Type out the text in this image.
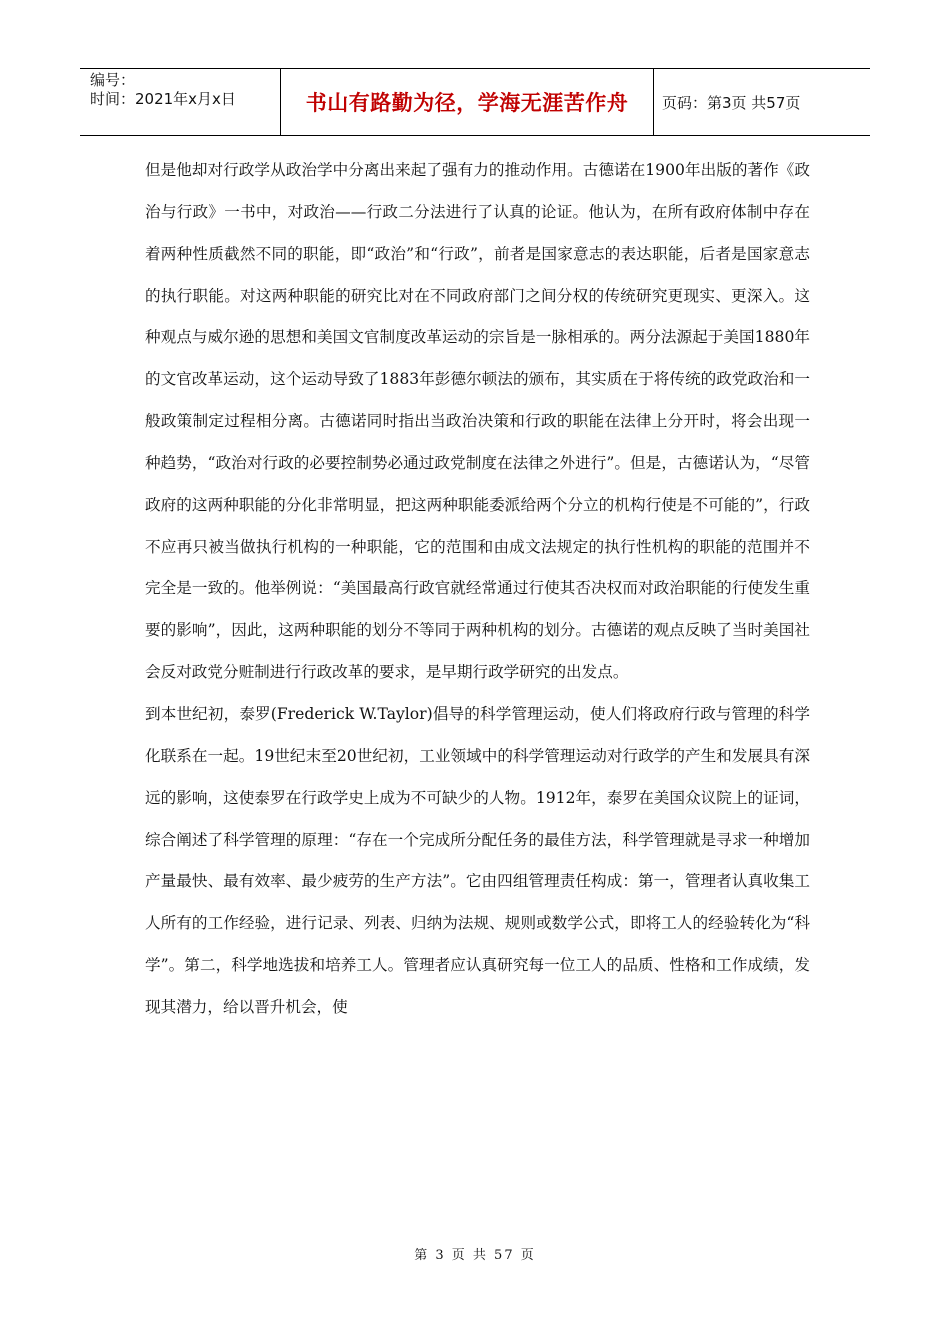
编号：
时间：2021年x月x日	书山有路勤为径，学海无涯苦作舟	页码：第3页 共57页

但是他却对行政学从政治学中分离出来起了强有力的推动作用。古德诺在1900年出版的著作《政治与行政》一书中，对政治——行政二分法进行了认真的论证。他认为，在所有政府体制中存在着两种性质截然不同的职能，即“政治”和“行政”，前者是国家意志的表达职能，后者是国家意志的执行职能。对这两种职能的研究比对在不同政府部门之间分权的传统研究更现实、更深入。这种观点与威尔逊的思想和美国文官制度改革运动的宗旨是一脉相承的。两分法源起于美国1880年的文官改革运动，这个运动导致了1883年彭德尔顿法的颁布，其实质在于将传统的政党政治和一般政策制定过程相分离。古德诺同时指出当政治决策和行政的职能在法律上分开时，将会出现一种趋势，“政治对行政的必要控制势必通过政党制度在法律之外进行”。但是，古德诺认为，“尽管政府的这两种职能的分化非常明显，把这两种职能委派给两个分立的机构行使是不可能的”，行政不应再只被当做执行机构的一种职能，它的范围和由成文法规定的执行性机构的职能的范围并不完全是一致的。他举例说：“美国最高行政官就经常通过行使其否决权而对政治职能的行使发生重要的影响”，因此，这两种职能的划分不等同于两种机构的划分。古德诺的观点反映了当时美国社会反对政党分赃制进行行政改革的要求，是早期行政学研究的出发点。

到本世纪初，泰罗(Frederick W.Taylor)倡导的科学管理运动，使人们将政府行政与管理的科学化联系在一起。19世纪末至20世纪初，工业领域中的科学管理运动对行政学的产生和发展具有深远的影响，这使泰罗在行政学史上成为不可缺少的人物。1912年，泰罗在美国众议院上的证词，综合阐述了科学管理的原理：“存在一个完成所分配任务的最佳方法，科学管理就是寻求一种增加产量最快、最有效率、最少疲劳的生产方法”。它由四组管理责任构成：第一，管理者认真收集工人所有的工作经验，进行记录、列表、归纳为法规、规则或数学公式，即将工人的经验转化为“科学”。第二，科学地选拔和培养工人。管理者应认真研究每一位工人的品质、性格和工作成绩，发现其潜力，给以晋升机会，使

第 3 页 共 57 页
